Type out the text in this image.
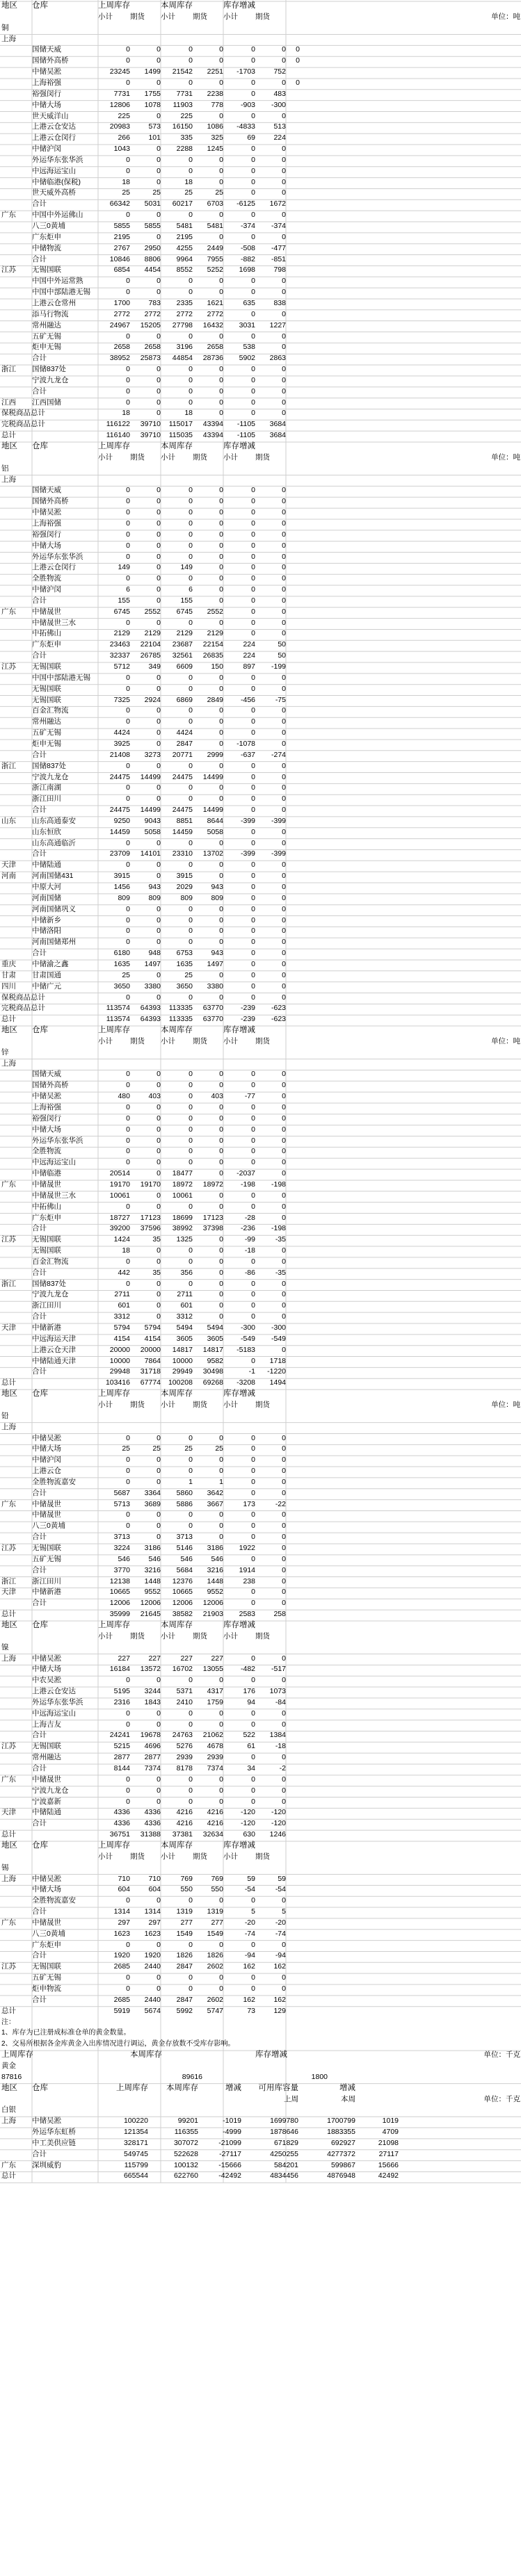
地区	仓库	上周库存	本周库存	库存增减
小计	期货	小计	期货	小计	期货	单位：吨
铜
上海
国储天威	0	0	0	0	0	0	0
国储外高桥	0	0	0	0	0	0	0
中储吴淞	23245	1499	21542	2251	-1703	752
上海裕强	0	0	0	0	0	0	0
裕强闵行	7731	1755	7731	2238	0	483
中储大场	12806	1078	11903	778	-903	-300
世天威洋山	225	0	225	0	0	0
上港云仓安达	20983	573	16150	1086	-4833	513
上港云仓闵行	266	101	335	325	69	224
中储沪闵	1043	0	2288	1245	0	0
外运华东张华浜	0	0	0	0	0	0
中远海运宝山	0	0	0	0	0	0
中储临港(保税)	18	0	18	0	0	0
世天威外高桥	25	25	25	25	0	0
合计	66342	5031	60217	6703	-6125	1672
广东	中国中外运佛山	0	0	0	0	0	0
八三0黄埔	5855	5855	5481	5481	-374	-374
广东炬申	2195	0	2195	0	0	0
中储物流	2767	2950	4255	2449	-508	-477
合计	10846	8806	9964	7955	-882	-851
江苏	无锡国联	6854	4454	8552	5252	1698	798
中国中外运常熟	0	0	0	0	0	0
中国中部陆港无锡	0	0	0	0	0	0
上港云仓常州	1700	783	2335	1621	635	838
添马行物流	2772	2772	2772	2772	0	0
常州融达	24967	15205	27798	16432	3031	1227
五矿无锡	0	0	0	0	0	0
炬申无锡	2658	2658	3196	2658	538	0
合计	38952	25873	44854	28736	5902	2863
浙江	国储837处	0	0	0	0	0	0
宁波九龙仓	0	0	0	0	0	0
合计	0	0	0	0	0	0
江西	江西国储	0	0	0	0	0	0
保税商品总计	18	0	18	0	0	0
完税商品总计	116122	39710	115017	43394	-1105	3684
总计	116140	39710	115035	43394	-1105	3684
地区	仓库	上周库存	本周库存	库存增减
小计	期货	小计	期货	小计	期货	单位：吨
铝
上海
国储天威	0	0	0	0	0	0
国储外高桥	0	0	0	0	0	0
中储吴淞	0	0	0	0	0	0
上海裕强	0	0	0	0	0	0
裕强闵行	0	0	0	0	0	0
中储大场	0	0	0	0	0	0
外运华东张华浜	0	0	0	0	0	0
上港云仓闵行	149	0	149	0	0	0
全胜物流	0	0	0	0	0	0
中储沪闵	6	0	6	0	0	0
合计	155	0	155	0	0	0
广东	中储晟世	6745	2552	6745	2552	0	0
中储晟世三水	0	0	0	0	0	0
中拓佛山	2129	2129	2129	2129	0	0
广东炬申	23463	22104	23687	22154	224	50
合计	32337	26785	32561	26835	224	50
江苏	无锡国联	5712	349	6609	150	897	-199
中国中部陆港无锡	0	0	0	0	0	0
无锡国联	0	0	0	0	0	0
无锡国联	7325	2924	6869	2849	-456	-75
百金汇物流	0	0	0	0	0	0
常州融达	0	0	0	0	0	0
五矿无锡	4424	0	4424	0	0	0
炬申无锡	3925	0	2847	0	-1078	0
合计	21408	3273	20771	2999	-637	-274
浙江	国储837处	0	0	0	0	0	0
宁波九龙仓	24475	14499	24475	14499	0	0
浙江南湖	0	0	0	0	0	0
浙江田川	0	0	0	0	0	0
合计	24475	14499	24475	14499	0	0
山东	山东高通泰安	9250	9043	8851	8644	-399	-399
山东恒欣	14459	5058	14459	5058	0	0
山东高通临沂	0	0	0	0	0	0
合计	23709	14101	23310	13702	-399	-399
天津	中储陆通	0	0	0	0	0	0
河南	河南国储431	3915	0	3915	0	0	0
中原大河	1456	943	2029	943	0	0
河南国储	809	809	809	809	0	0
河南国储巩义	0	0	0	0	0	0
中储新乡	0	0	0	0	0	0
中储洛阳	0	0	0	0	0	0
河南国储郑州	0	0	0	0	0	0
合计	6180	948	6753	943	0	0
重庆	中储渝之鑫	1635	1497	1635	1497	0	0
甘肃	甘肃国通	25	0	25	0	0	0
四川	中储广元	3650	3380	3650	3380	0	0
保税商品总计	0	0	0	0	0	0
完税商品总计	113574	64393	113335	63770	-239	-623
总计	113574	64393	113335	63770	-239	-623
地区	仓库	上周库存	本周库存	库存增减
小计	期货	小计	期货	小计	期货	单位：吨
锌
上海
国储天威	0	0	0	0	0	0
国储外高桥	0	0	0	0	0	0
中储吴淞	480	403	0	403	-77	0
上海裕强	0	0	0	0	0	0
裕强闵行	0	0	0	0	0	0
中储大场	0	0	0	0	0	0
外运华东张华浜	0	0	0	0	0	0
全胜物流	0	0	0	0	0	0
中远海运宝山	0	0	0	0	0	0
中储临港	20514	0	18477	0	-2037	0
广东	中储晟世	19170	19170	18972	18972	-198	-198
中储晟世三水	10061	0	10061	0	0	0
中拓佛山	0	0	0	0	0	0
广东炬申	18727	17123	18699	17123	-28	0
合计	39200	37596	38992	37398	-236	-198
江苏	无锡国联	1424	35	1325	0	-99	-35
无锡国联	18	0	0	0	-18	0
百金汇物流	0	0	0	0	0	0
合计	442	35	356	0	-86	-35
浙江	国储837处	0	0	0	0	0	0
宁波九龙仓	2711	0	2711	0	0	0
浙江田川	601	0	601	0	0	0
合计	3312	0	3312	0	0	0
天津	中储新港	5794	5794	5494	5494	-300	-300
中远海运天津	4154	4154	3605	3605	-549	-549
上港云仓天津	20000	20000	14817	14817	-5183	0
中储陆通天津	10000	7864	10000	9582	0	1718
合计	29948	31718	29949	30498	-1	-1220
总计	103416	67774	100208	69268	-3208	1494
地区	仓库	上周库存	本周库存	库存增减
小计	期货	小计	期货	小计	期货	单位：吨
铅
上海
中储吴淞	0	0	0	0	0	0
中储大场	25	25	25	25	0	0
中储沪闵	0	0	0	0	0	0
上港云仓	0	0	0	0	0	0
全胜物流嘉安	0	0	1	1	0	0
合计	5687	3364	5860	3642	0	0
广东	中储晟世	5713	3689	5886	3667	173	-22
中储晟世	0	0	0	0	0	0
八三0黄埔	0	0	0	0	0	0
合计	3713	0	3713	0	0	0
江苏	无锡国联	3224	3186	5146	3186	1922	0
五矿无锡	546	546	546	546	0	0
合计	3770	3216	5684	3216	1914	0
浙江	浙江田川	12138	1448	12376	1448	238	0
天津	中储新港	10665	9552	10665	9552	0	0
合计	12006	12006	12006	12006	0	0
总计	35999	21645	38582	21903	2583	258
地区	仓库	上周库存	本周库存	库存增减
小计	期货	小计	期货	小计	期货
镍
上海	中储吴淞	227	227	227	227	0	0
中储大场	16184	13572	16702	13055	-482	-517
中农吴淞	0	0	0	0	0	0
上港云仓安达	5195	3244	5371	4317	176	1073
外运华东张华浜	2316	1843	2410	1759	94	-84
中远海运宝山	0	0	0	0	0	0
上海吉友	0	0	0	0	0	0
合计	24241	19678	24763	21062	522	1384
江苏	无锡国联	5215	4696	5276	4678	61	-18
常州融达	2877	2877	2939	2939	0	0
合计	8144	7374	8178	7374	34	-2
广东	中储晟世	0	0	0	0	0	0
宁波九龙仓	0	0	0	0	0	0
宁波嘉新	0	0	0	0	0	0
天津	中储陆通	4336	4336	4216	4216	-120	-120
合计	4336	4336	4216	4216	-120	-120
总计	36751	31388	37381	32634	630	1246
地区	仓库	上周库存	本周库存	库存增减
小计	期货	小计	期货	小计	期货
锡
上海	中储吴淞	710	710	769	769	59	59
中储大场	604	604	550	550	-54	-54
全胜物流嘉安	0	0	0	0	0	0
合计	1314	1314	1319	1319	5	5
广东	中储晟世	297	297	277	277	-20	-20
八三0黄埔	1623	1623	1549	1549	-74	-74
广东炬申	0	0	0	0	0	0
合计	1920	1920	1826	1826	-94	-94
江苏	无锡国联	2685	2440	2847	2602	162	162
五矿无锡	0	0	0	0	0	0
炬申物流	0	0	0	0	0	0
合计	2685	2440	2847	2602	162	162
总计	5919	5674	5992	5747	73	129
注：
1、库存为已注册成标准仓单的黄金数量。
2、交易所根据各金库黄金入出库情况进行调运，黄金存放数不受库存影响。
上周库存	本周库存	库存增减	单位：千克
黄金
87816	89616	1800
地区	仓库	上周库存	本周库存	增减	可用库容量	增减
上周	本周	单位：千克
白银
上海	中储吴淞	100220	99201	-1019	1699780	1700799	1019
外运华东虹桥	121354	116355	-4999	1878646	1883355	4709
中工美供应链	328171	307072	-21099	671829	692927	21098
合计	549745	522628	-27117	4250255	4277372	27117
广东	深圳威豹	115799	100132	-15666	584201	599867	15666
总计	665544	622760	-42492	4834456	4876948	42492
